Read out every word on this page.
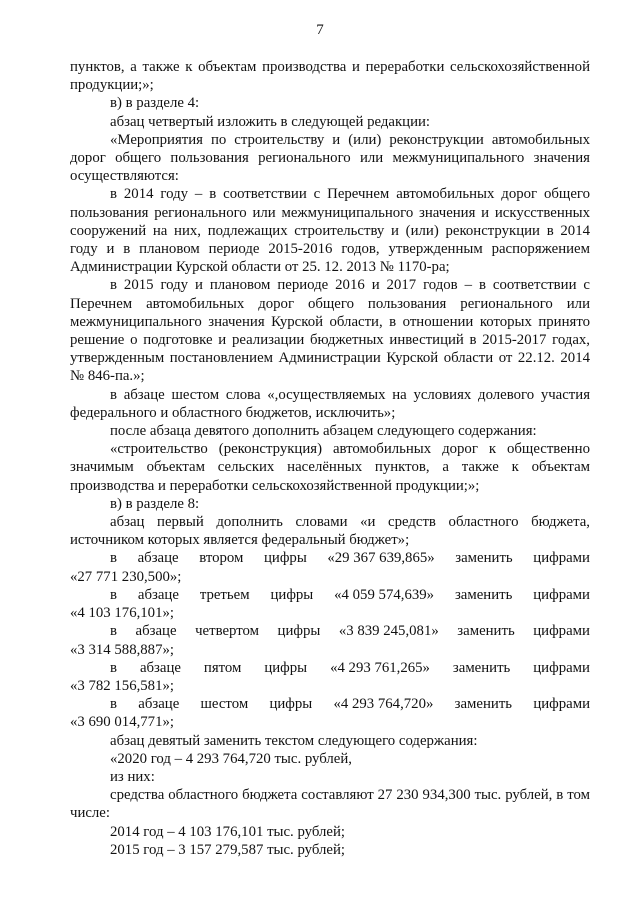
7

пунктов, а также к объектам производства и переработки сельскохозяйственной продукции;»;

в) в разделе 4:

абзац четвертый изложить в следующей редакции:

«Мероприятия по строительству и (или) реконструкции автомобильных дорог общего пользования регионального или межмуниципального значения осуществляются:

в 2014 году – в соответствии с Перечнем автомобильных дорог общего пользования регионального или межмуниципального значения и искусственных сооружений на них, подлежащих строительству и (или) реконструкции в 2014 году и в плановом периоде 2015-2016 годов, утвержденным распоряжением Администрации Курской области от 25. 12. 2013 № 1170-ра;

в 2015 году и плановом периоде 2016 и 2017 годов – в соответствии с Перечнем автомобильных дорог общего пользования регионального или межмуниципального значения Курской области, в отношении которых принято решение о подготовке и реализации бюджетных инвестиций в 2015-2017 годах, утвержденным постановлением Администрации Курской области от 22.12. 2014 № 846-па.»;

в абзаце шестом слова «,осуществляемых на условиях долевого участия федерального и областного бюджетов, исключить»;

после абзаца девятого дополнить абзацем следующего содержания:

«строительство (реконструкция) автомобильных дорог к общественно значимым объектам сельских населённых пунктов, а также к объектам производства и переработки сельскохозяйственной продукции;»;

в) в разделе 8:

абзац первый дополнить словами «и средств областного бюджета, источником которых является федеральный бюджет»;

в абзаце втором цифры «29 367 639,865» заменить цифрами

«27 771 230,500»;

в абзаце третьем цифры «4 059 574,639» заменить цифрами

«4 103 176,101»;

в абзаце четвертом цифры «3 839 245,081» заменить цифрами

«3 314 588,887»;

в абзаце пятом цифры «4 293 761,265» заменить цифрами

«3 782 156,581»;

в абзаце шестом цифры «4 293 764,720» заменить цифрами

«3 690 014,771»;

абзац девятый заменить текстом следующего содержания:

«2020 год – 4 293 764,720 тыс. рублей,

из них:

средства областного бюджета составляют 27 230 934,300 тыс. рублей, в том числе:

2014 год – 4 103 176,101 тыс. рублей;

2015 год – 3 157 279,587 тыс. рублей;
